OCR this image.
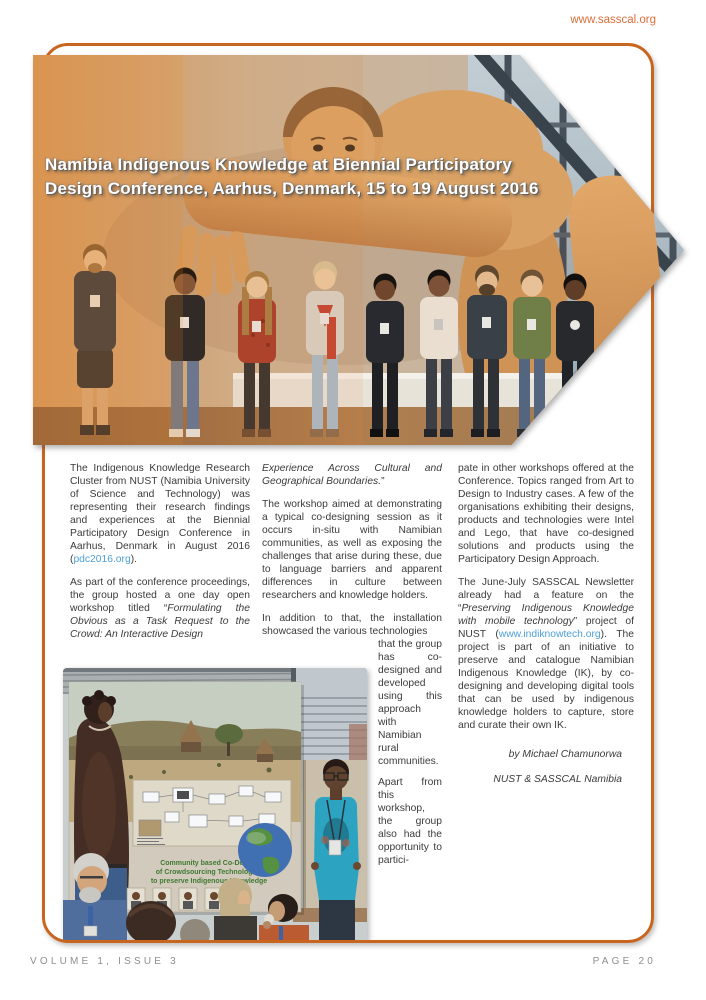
www.sasscal.org

The Indigenous Knowledge Research Cluster from NUST (Namibia University of Science and Technology) was representing their research findings and experiences at the Biennial Participatory Design Conference in Aarhus, Denmark in August 2016 (pdc2016.org).

As part of the conference proceedings, the group hosted a one day open workshop titled “Formulating the Obvious as a Task Request to the Crowd: An Interactive Design

Experience Across Cultural and Geographical Boundaries.”

The workshop aimed at demonstrating a typical co-designing session as it occurs in-situ with Namibian communities, as well as exposing the challenges that arise during these, due to language barriers and apparent differences in culture between researchers and knowledge holders.

In addition to that, the installation showcased the various technologies

that the group has co-designed and developed using this approach with Namibian rural communities.

Apart from this workshop, the group also had the opportunity to partici-

pate in other workshops offered at the Conference. Topics ranged from Art to Design to Industry cases. A few of the organisations exhibiting their designs, products and technologies were Intel and Lego, that have co-designed solutions and products using the Participatory Design Approach.

The June-July SASSCAL Newsletter already had a feature on the “Preserving Indigenous Knowledge with mobile technology” project of NUST (www.indiknowtech.org). The project is part of an initiative to preserve and catalogue Namibian Indigenous Knowledge (IK), by co-designing and developing digital tools that can be used by indigenous knowledge holders to capture, store and curate their own IK.

by Michael Chamunorwa
NUST & SASSCAL Namibia
Namibia Indigenous Knowledge at Biennial Participatory
Design Conference, Aarhus, Denmark, 15 to 19 August 2016
VOLUME 1, ISSUE 3	PAGE 20
